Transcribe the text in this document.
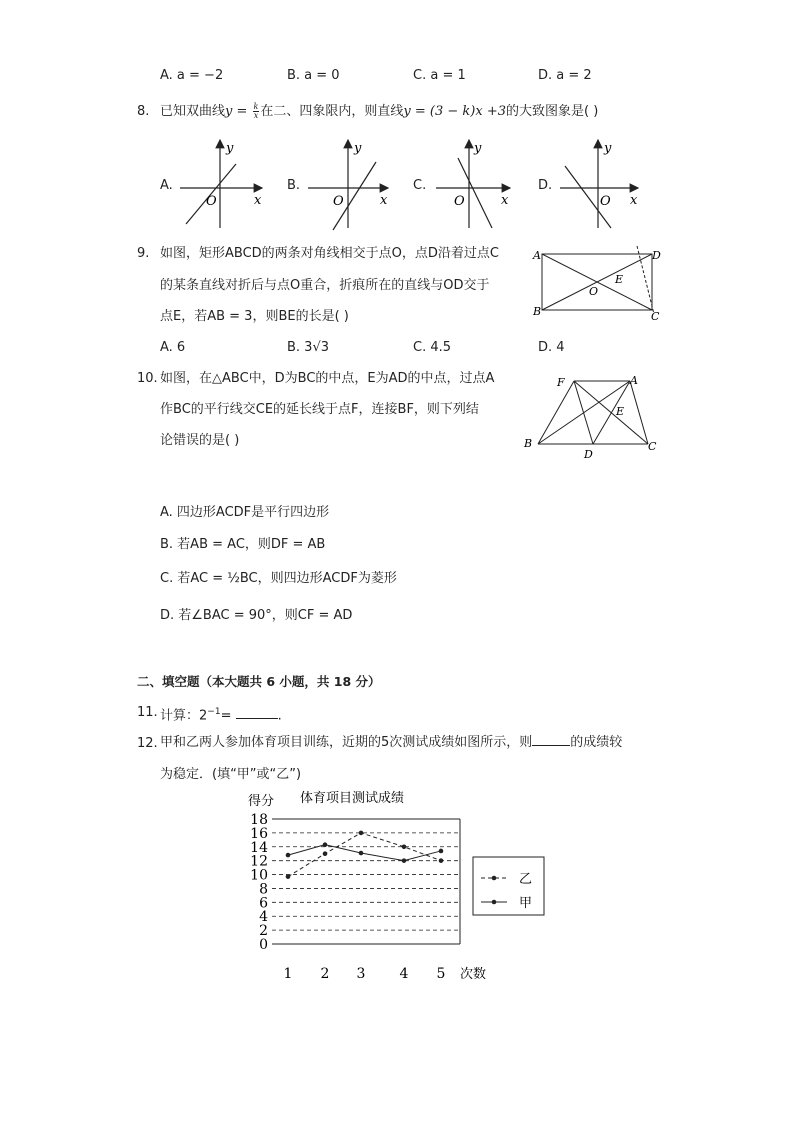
A. a = −2	B. a = 0	C. a = 1	D. a = 2
8. 已知双曲线$y = \frac{k}{x}$ 在二、四象限内，则直线y = (3 − k)x +3的大致图象是( )
A.	B.	C.	D.
y
x
O
y
x
O
y
x
O
y
x
O
9. 如图，矩形ABCD的两条对角线相交于点O，点D沿着过点C
的某条直线对折后与点O重合，折痕所在的直线与OD交于
点E，若AB = 3，则BE的长是( )
A. 6	B. 3√3	C. 4.5	D. 4
A
B	C
D
O
E
10. 如图，在△ABC中，D为BC的中点，E为AD的中点，过点A
作BC的平行线交CE的延长线于点F，连接BF，则下列结
论错误的是( )
F	A
E
B
D
C
A. 四边形ACDF是平行四边形
B. 若AB = AC，则DF = AB
C. 若AC = ½BC，则四边形ACDF为菱形
D. 若∠BAC = 90°，则CF = AD
二、填空题（本大题共 6 小题，共 18 分）
11. 计算：$2^{-1}=$	.
12. 甲和乙两人参加体育项目训练，近期的5次测试成绩如图所示，则	的成绩较
为稳定．(填“甲”或“乙”)
得分 体育项目测试成绩
次数
0
2
4
6
8
10
12
14
16
18
1 2 3 4 5
乙
甲
